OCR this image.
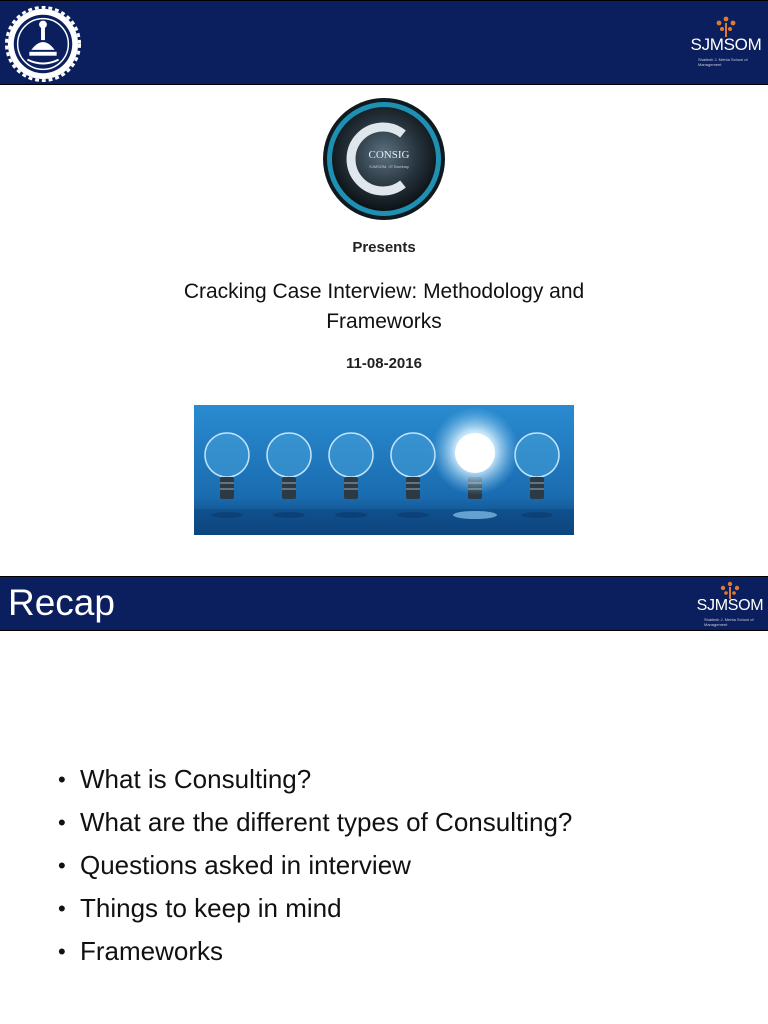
SJMSOM
Shailesh J. Mehta School of Management
CONSIG
SJMSOM, IIT Bombay
Presents
Cracking Case Interview: Methodology and Frameworks
11-08-2016
Recap	SJMSOM
Shailesh J. Mehta School of Management
• What is Consulting?
• What are the different types of Consulting?
• Questions asked in interview
• Things to keep in mind
• Frameworks
